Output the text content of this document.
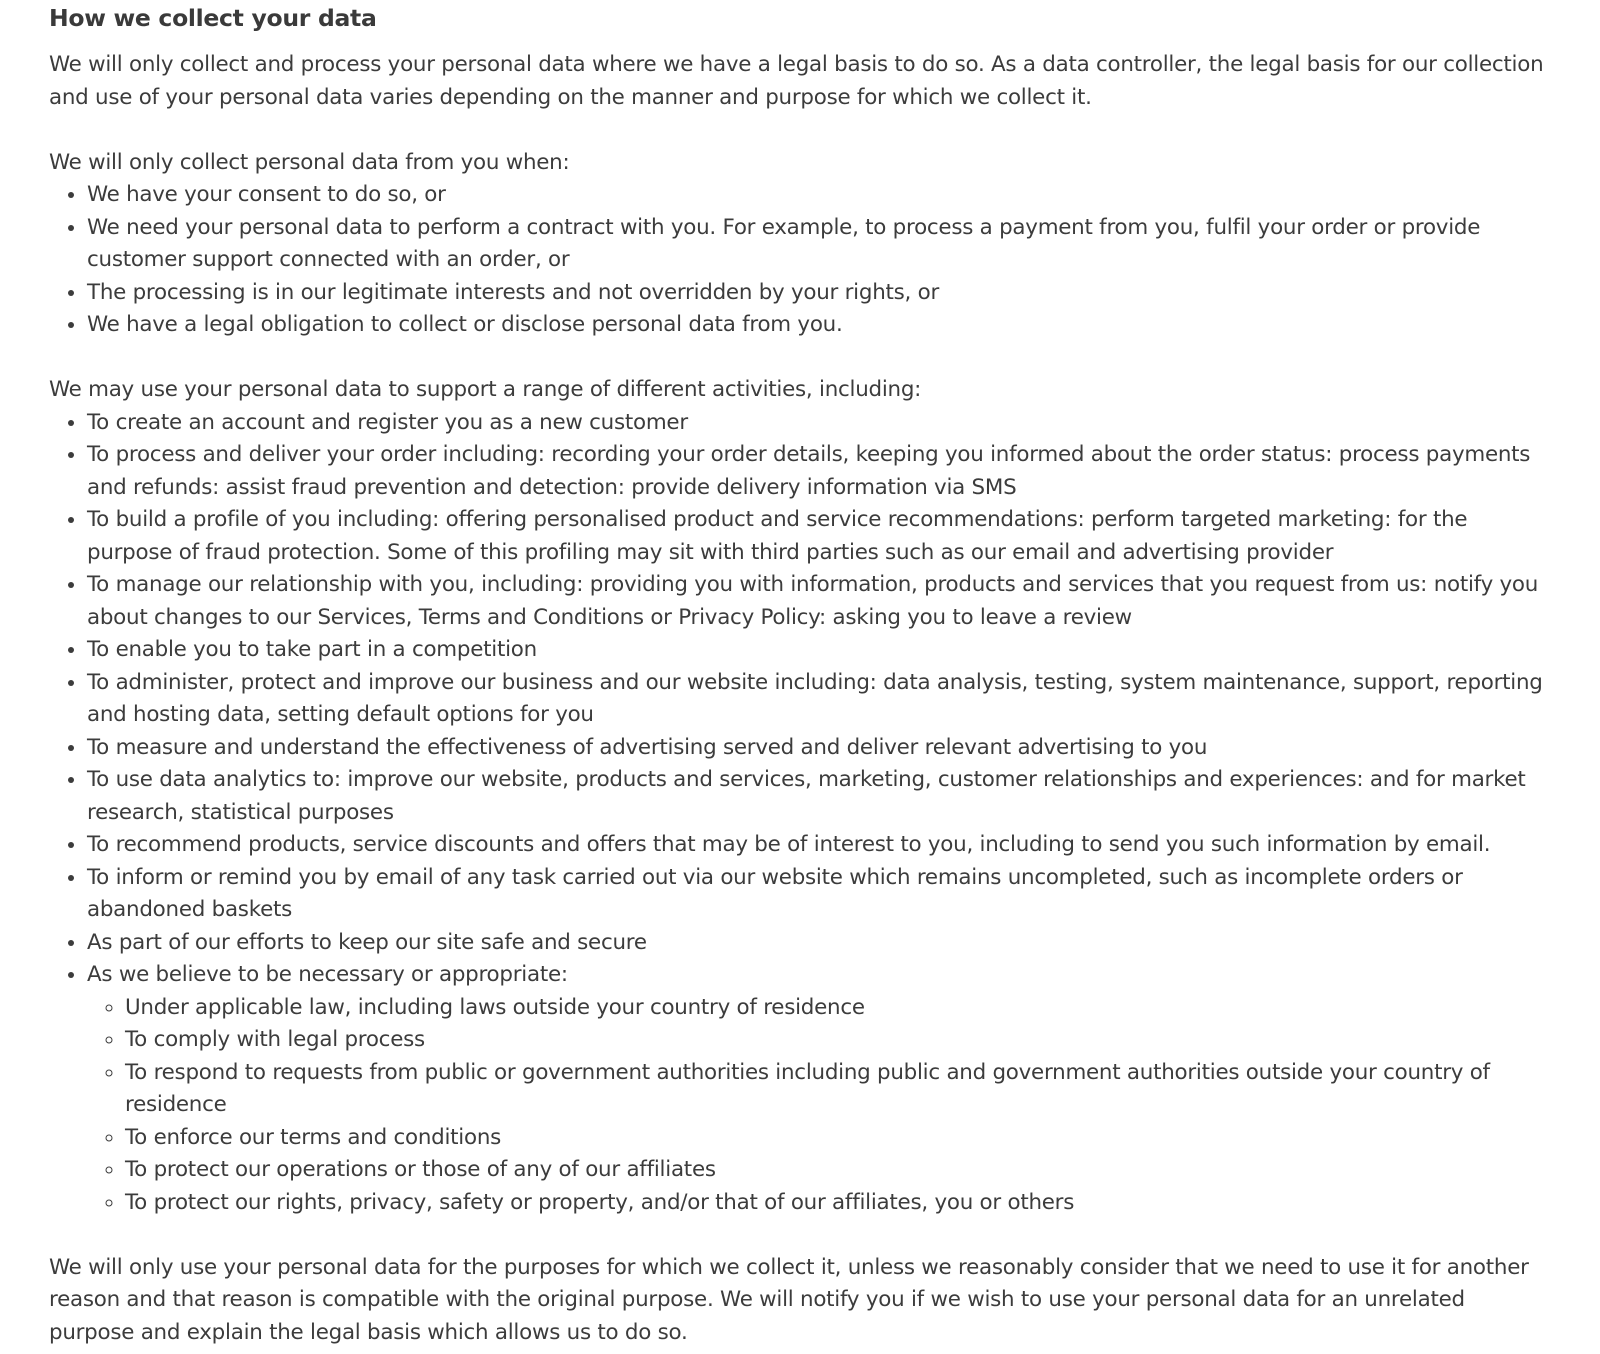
How we collect your data

We will only collect and process your personal data where we have a legal basis to do so. As a data controller, the legal basis for our collection
and use of your personal data varies depending on the manner and purpose for which we collect it.

We will only collect personal data from you when:

• We have your consent to do so, or
• We need your personal data to perform a contract with you. For example, to process a payment from you, fulfil your order or provide
customer support connected with an order, or
• The processing is in our legitimate interests and not overridden by your rights, or
• We have a legal obligation to collect or disclose personal data from you.

We may use your personal data to support a range of different activities, including:

• To create an account and register you as a new customer
• To process and deliver your order including: recording your order details, keeping you informed about the order status: process payments
and refunds: assist fraud prevention and detection: provide delivery information via SMS
• To build a profile of you including: offering personalised product and service recommendations: perform targeted marketing: for the
purpose of fraud protection. Some of this profiling may sit with third parties such as our email and advertising provider
• To manage our relationship with you, including: providing you with information, products and services that you request from us: notify you
about changes to our Services, Terms and Conditions or Privacy Policy: asking you to leave a review
• To enable you to take part in a competition
• To administer, protect and improve our business and our website including: data analysis, testing, system maintenance, support, reporting
and hosting data, setting default options for you
• To measure and understand the effectiveness of advertising served and deliver relevant advertising to you
• To use data analytics to: improve our website, products and services, marketing, customer relationships and experiences: and for market
research, statistical purposes
• To recommend products, service discounts and offers that may be of interest to you, including to send you such information by email.
• To inform or remind you by email of any task carried out via our website which remains uncompleted, such as incomplete orders or
abandoned baskets
• As part of our efforts to keep our site safe and secure
• As we believe to be necessary or appropriate:
◦ Under applicable law, including laws outside your country of residence
◦ To comply with legal process
◦ To respond to requests from public or government authorities including public and government authorities outside your country of
residence
◦ To enforce our terms and conditions
◦ To protect our operations or those of any of our affiliates
◦ To protect our rights, privacy, safety or property, and/or that of our affiliates, you or others

We will only use your personal data for the purposes for which we collect it, unless we reasonably consider that we need to use it for another
reason and that reason is compatible with the original purpose. We will notify you if we wish to use your personal data for an unrelated
purpose and explain the legal basis which allows us to do so.
